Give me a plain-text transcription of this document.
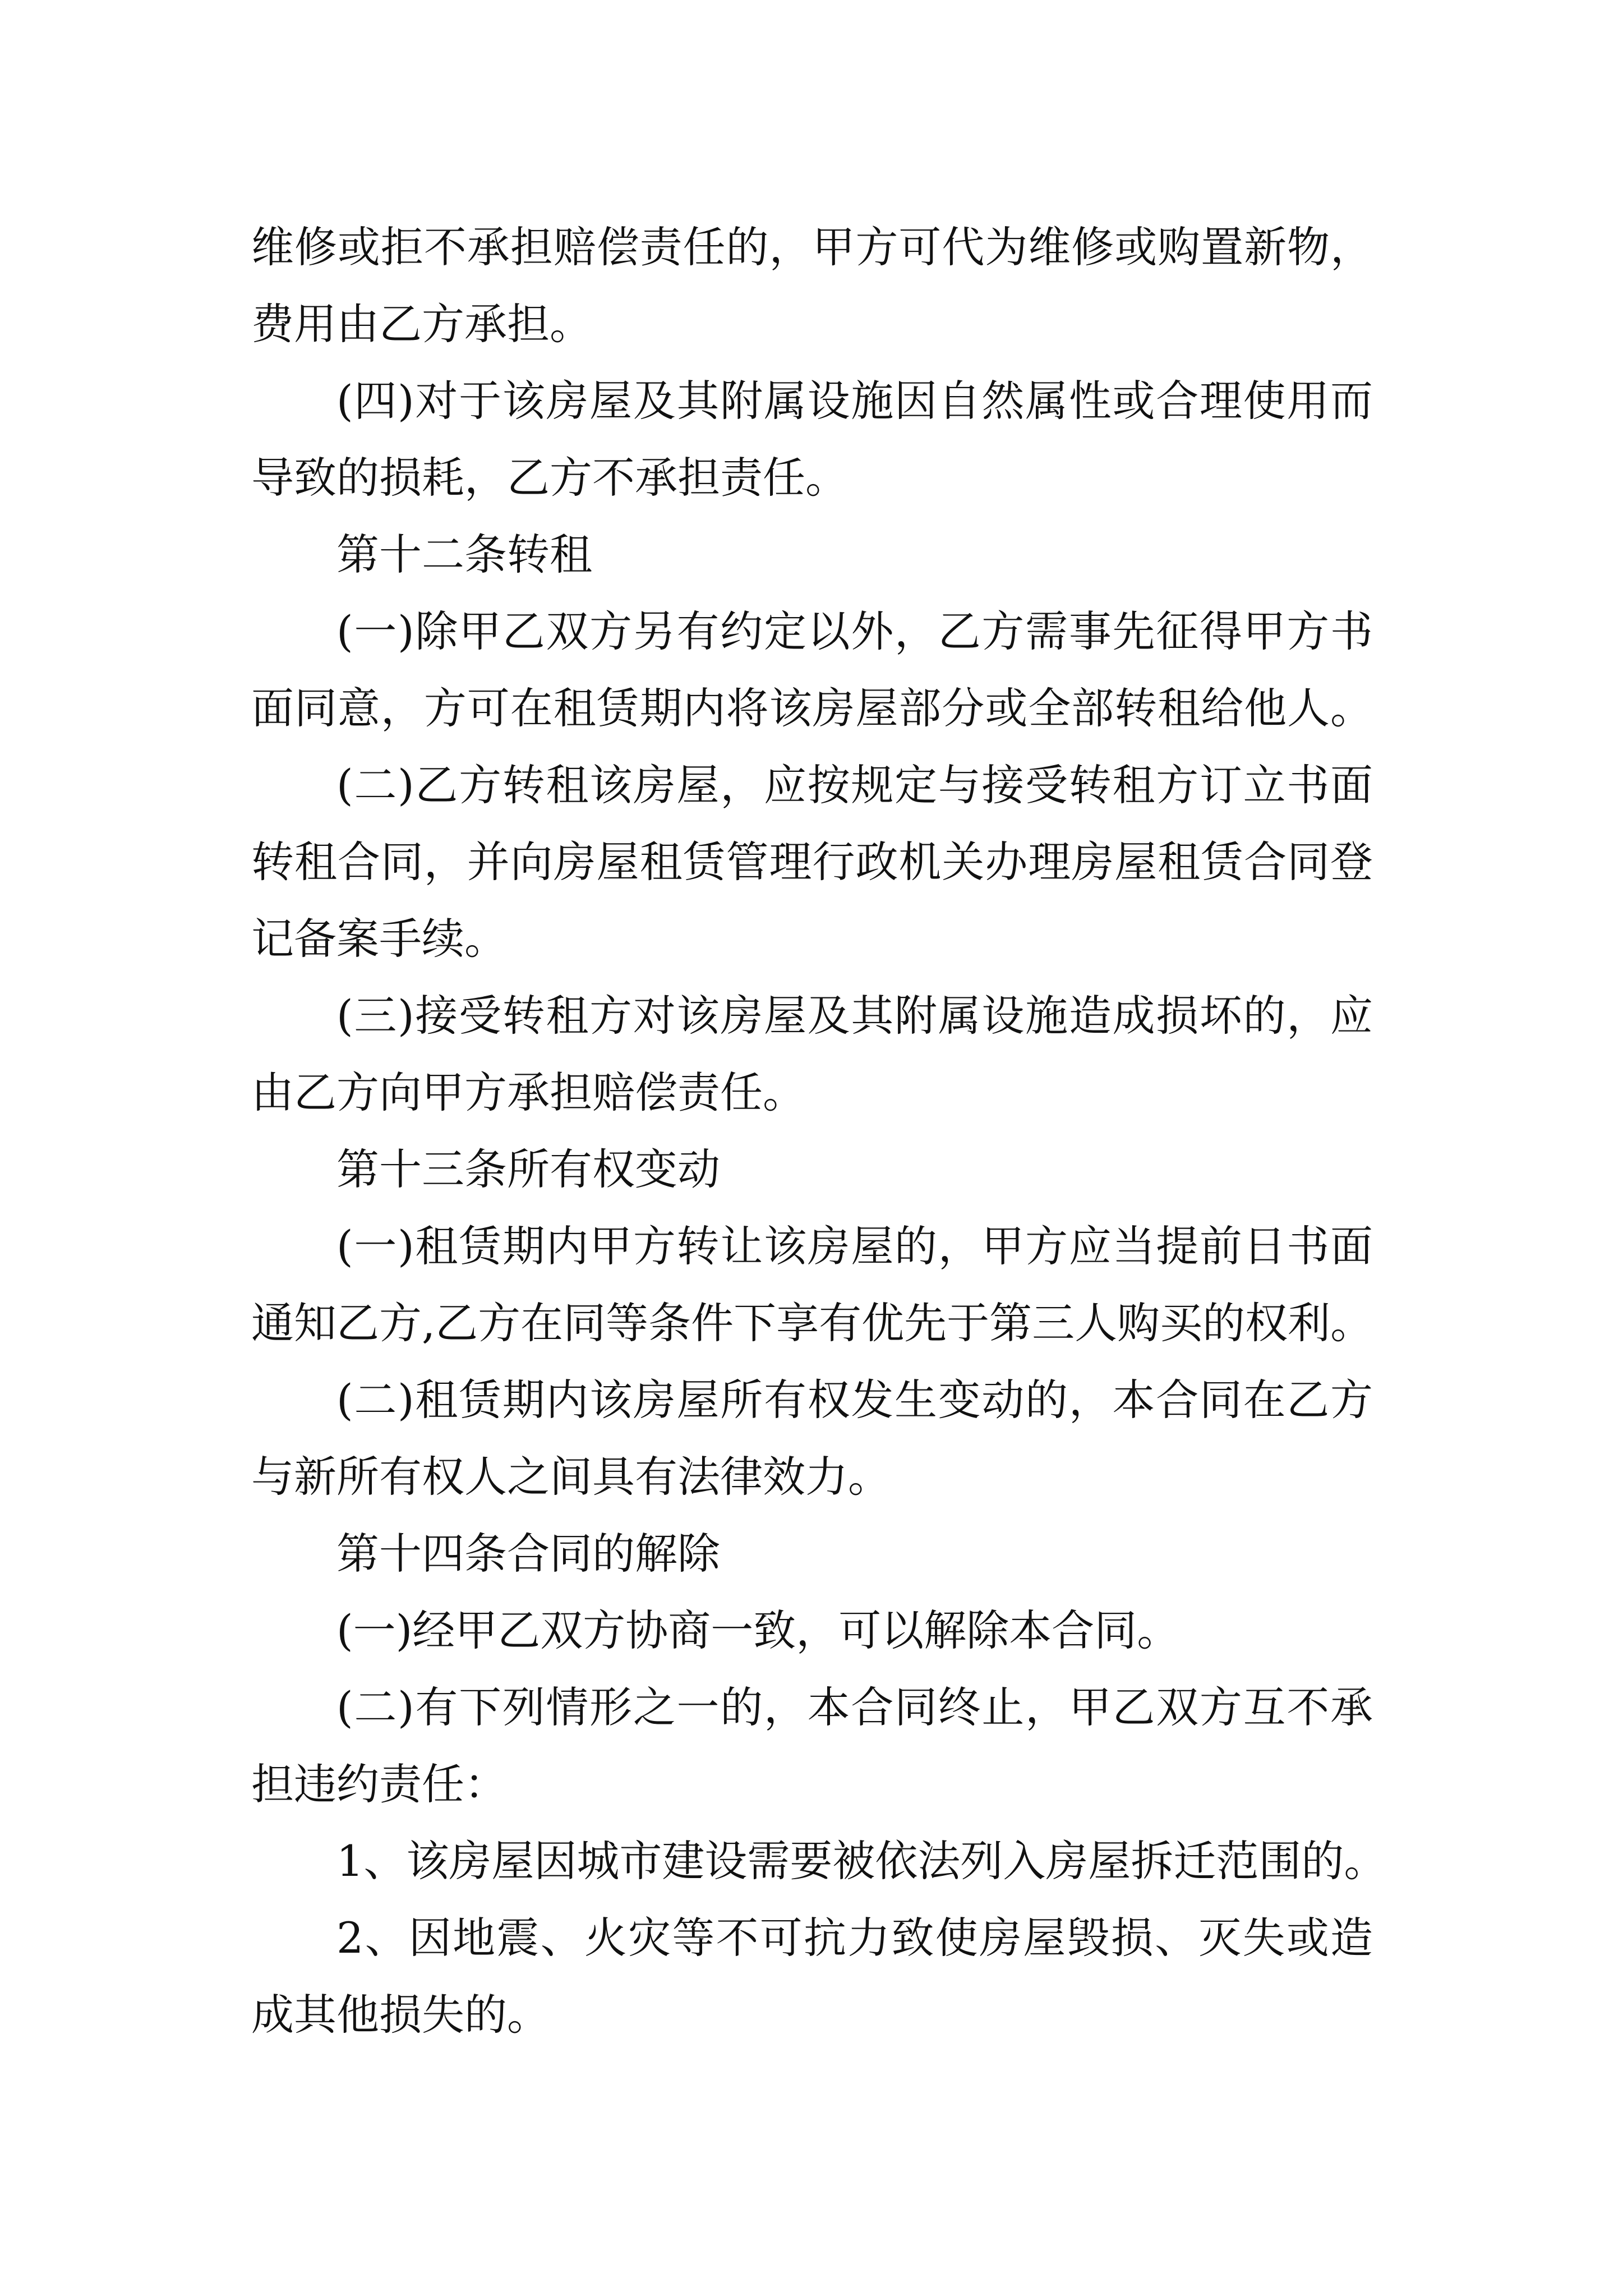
维修或拒不承担赔偿责任的，甲方可代为维修或购置新物，
费用由乙方承担。
(四)对于该房屋及其附属设施因自然属性或合理使用而
导致的损耗，乙方不承担责任。
第十二条转租
(一)除甲乙双方另有约定以外，乙方需事先征得甲方书
面同意，方可在租赁期内将该房屋部分或全部转租给他人。
(二)乙方转租该房屋，应按规定与接受转租方订立书面
转租合同，并向房屋租赁管理行政机关办理房屋租赁合同登
记备案手续。
(三)接受转租方对该房屋及其附属设施造成损坏的，应
由乙方向甲方承担赔偿责任。
第十三条所有权变动
(一)租赁期内甲方转让该房屋的，甲方应当提前日书面
通知乙方,乙方在同等条件下享有优先于第三人购买的权利。
(二)租赁期内该房屋所有权发生变动的，本合同在乙方
与新所有权人之间具有法律效力。
第十四条合同的解除
(一)经甲乙双方协商一致，可以解除本合同。
(二)有下列情形之一的，本合同终止，甲乙双方互不承
担违约责任：
1、该房屋因城市建设需要被依法列入房屋拆迁范围的。
2、因地震、火灾等不可抗力致使房屋毁损、灭失或造
成其他损失的。
